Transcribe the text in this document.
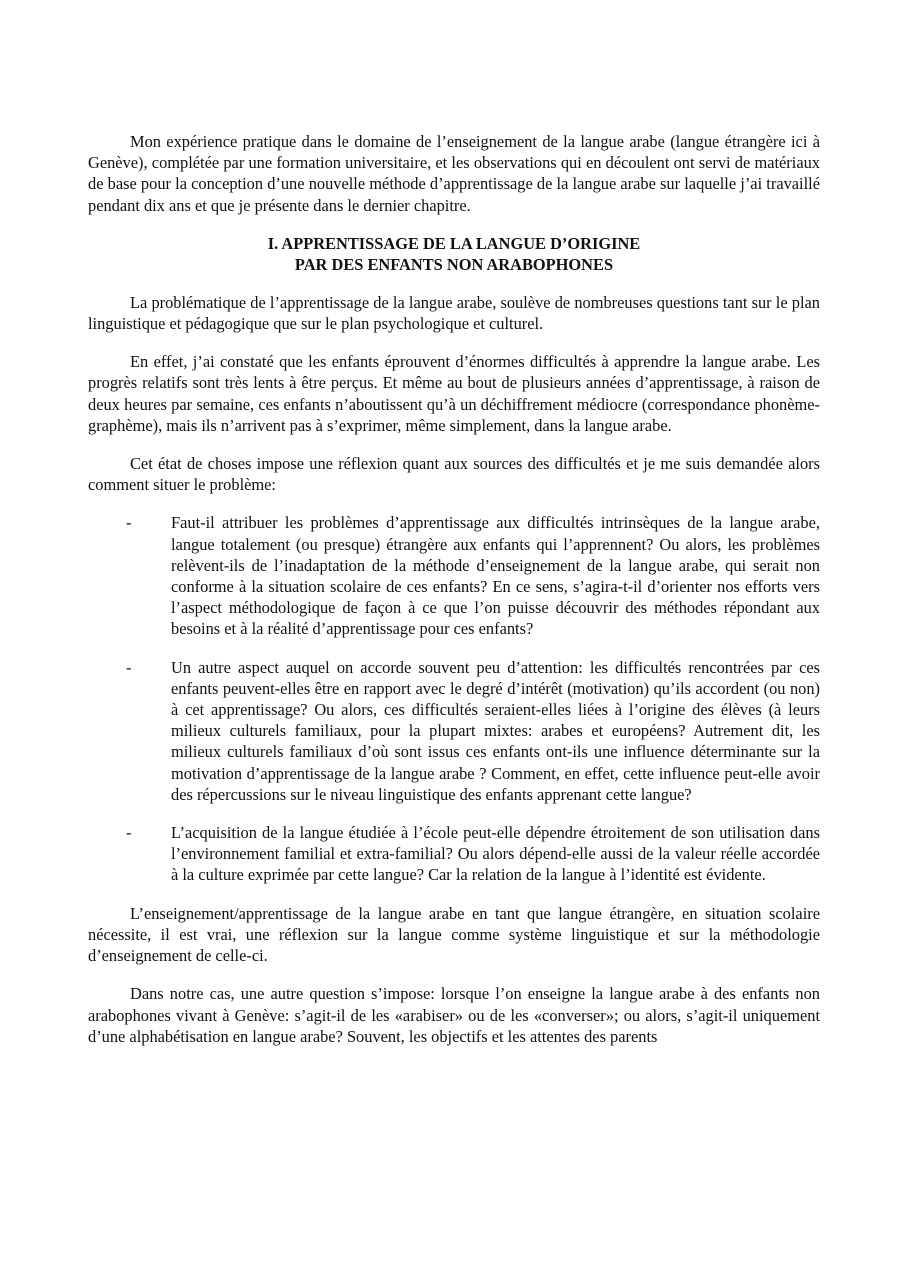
Mon expérience pratique dans le domaine de l’enseignement de la langue arabe (langue étrangère ici à Genève), complétée par une formation universitaire, et les observations qui en découlent ont servi de matériaux de base pour la conception d’une nouvelle méthode d’apprentissage de la langue arabe sur laquelle j’ai travaillé pendant dix ans et que je présente dans le dernier chapitre.

I. APPRENTISSAGE DE LA LANGUE D’ORIGINE
PAR DES ENFANTS NON ARABOPHONES

La problématique de l’apprentissage de la langue arabe, soulève de nombreuses questions tant sur le plan linguistique et pédagogique que sur le plan psychologique et culturel.

En effet, j’ai constaté que les enfants éprouvent d’énormes difficultés à apprendre la langue arabe. Les progrès relatifs sont très lents à être perçus. Et même au bout de plusieurs années d’apprentissage, à raison de deux heures par semaine, ces enfants n’aboutissent qu’à un déchiffrement médiocre (correspondance phonème-graphème), mais ils n’arrivent pas à s’exprimer, même simplement, dans la langue arabe.

Cet état de choses impose une réflexion quant aux sources des difficultés et je me suis demandée alors comment situer le problème:

- Faut-il attribuer les problèmes d’apprentissage aux difficultés intrinsèques de la langue arabe, langue totalement (ou presque) étrangère aux enfants qui l’apprennent? Ou alors, les problèmes relèvent-ils de l’inadaptation de la méthode d’enseignement de la langue arabe, qui serait non conforme à la situation scolaire de ces enfants? En ce sens, s’agira-t-il d’orienter nos efforts vers l’aspect méthodologique de façon à ce que l’on puisse découvrir des méthodes répondant aux besoins et à la réalité d’apprentissage pour ces enfants?
- Un autre aspect auquel on accorde souvent peu d’attention: les difficultés rencontrées par ces enfants peuvent-elles être en rapport avec le degré d’intérêt (motivation) qu’ils accordent (ou non) à cet apprentissage? Ou alors, ces difficultés seraient-elles liées à l’origine des élèves (à leurs milieux culturels familiaux, pour la plupart mixtes: arabes et européens? Autrement dit, les milieux culturels familiaux d’où sont issus ces enfants ont-ils une influence déterminante sur la motivation d’apprentissage de la langue arabe ? Comment, en effet, cette influence peut-elle avoir des répercussions sur le niveau linguistique des enfants apprenant cette langue?
- L’acquisition de la langue étudiée à l’école peut-elle dépendre étroitement de son utilisation dans l’environnement familial et extra-familial? Ou alors dépend-elle aussi de la valeur réelle accordée à la culture exprimée par cette langue? Car la relation de la langue à l’identité est évidente.

L’enseignement/apprentissage de la langue arabe en tant que langue étrangère, en situation scolaire nécessite, il est vrai, une réflexion sur la langue comme système linguistique et sur la méthodologie d’enseignement de celle-ci.

Dans notre cas, une autre question s’impose: lorsque l’on enseigne la langue arabe à des enfants non arabophones vivant à Genève: s’agit-il de les «arabiser» ou de les «converser»; ou alors, s’agit-il uniquement d’une alphabétisation en langue arabe? Souvent, les objectifs et les attentes des parents
